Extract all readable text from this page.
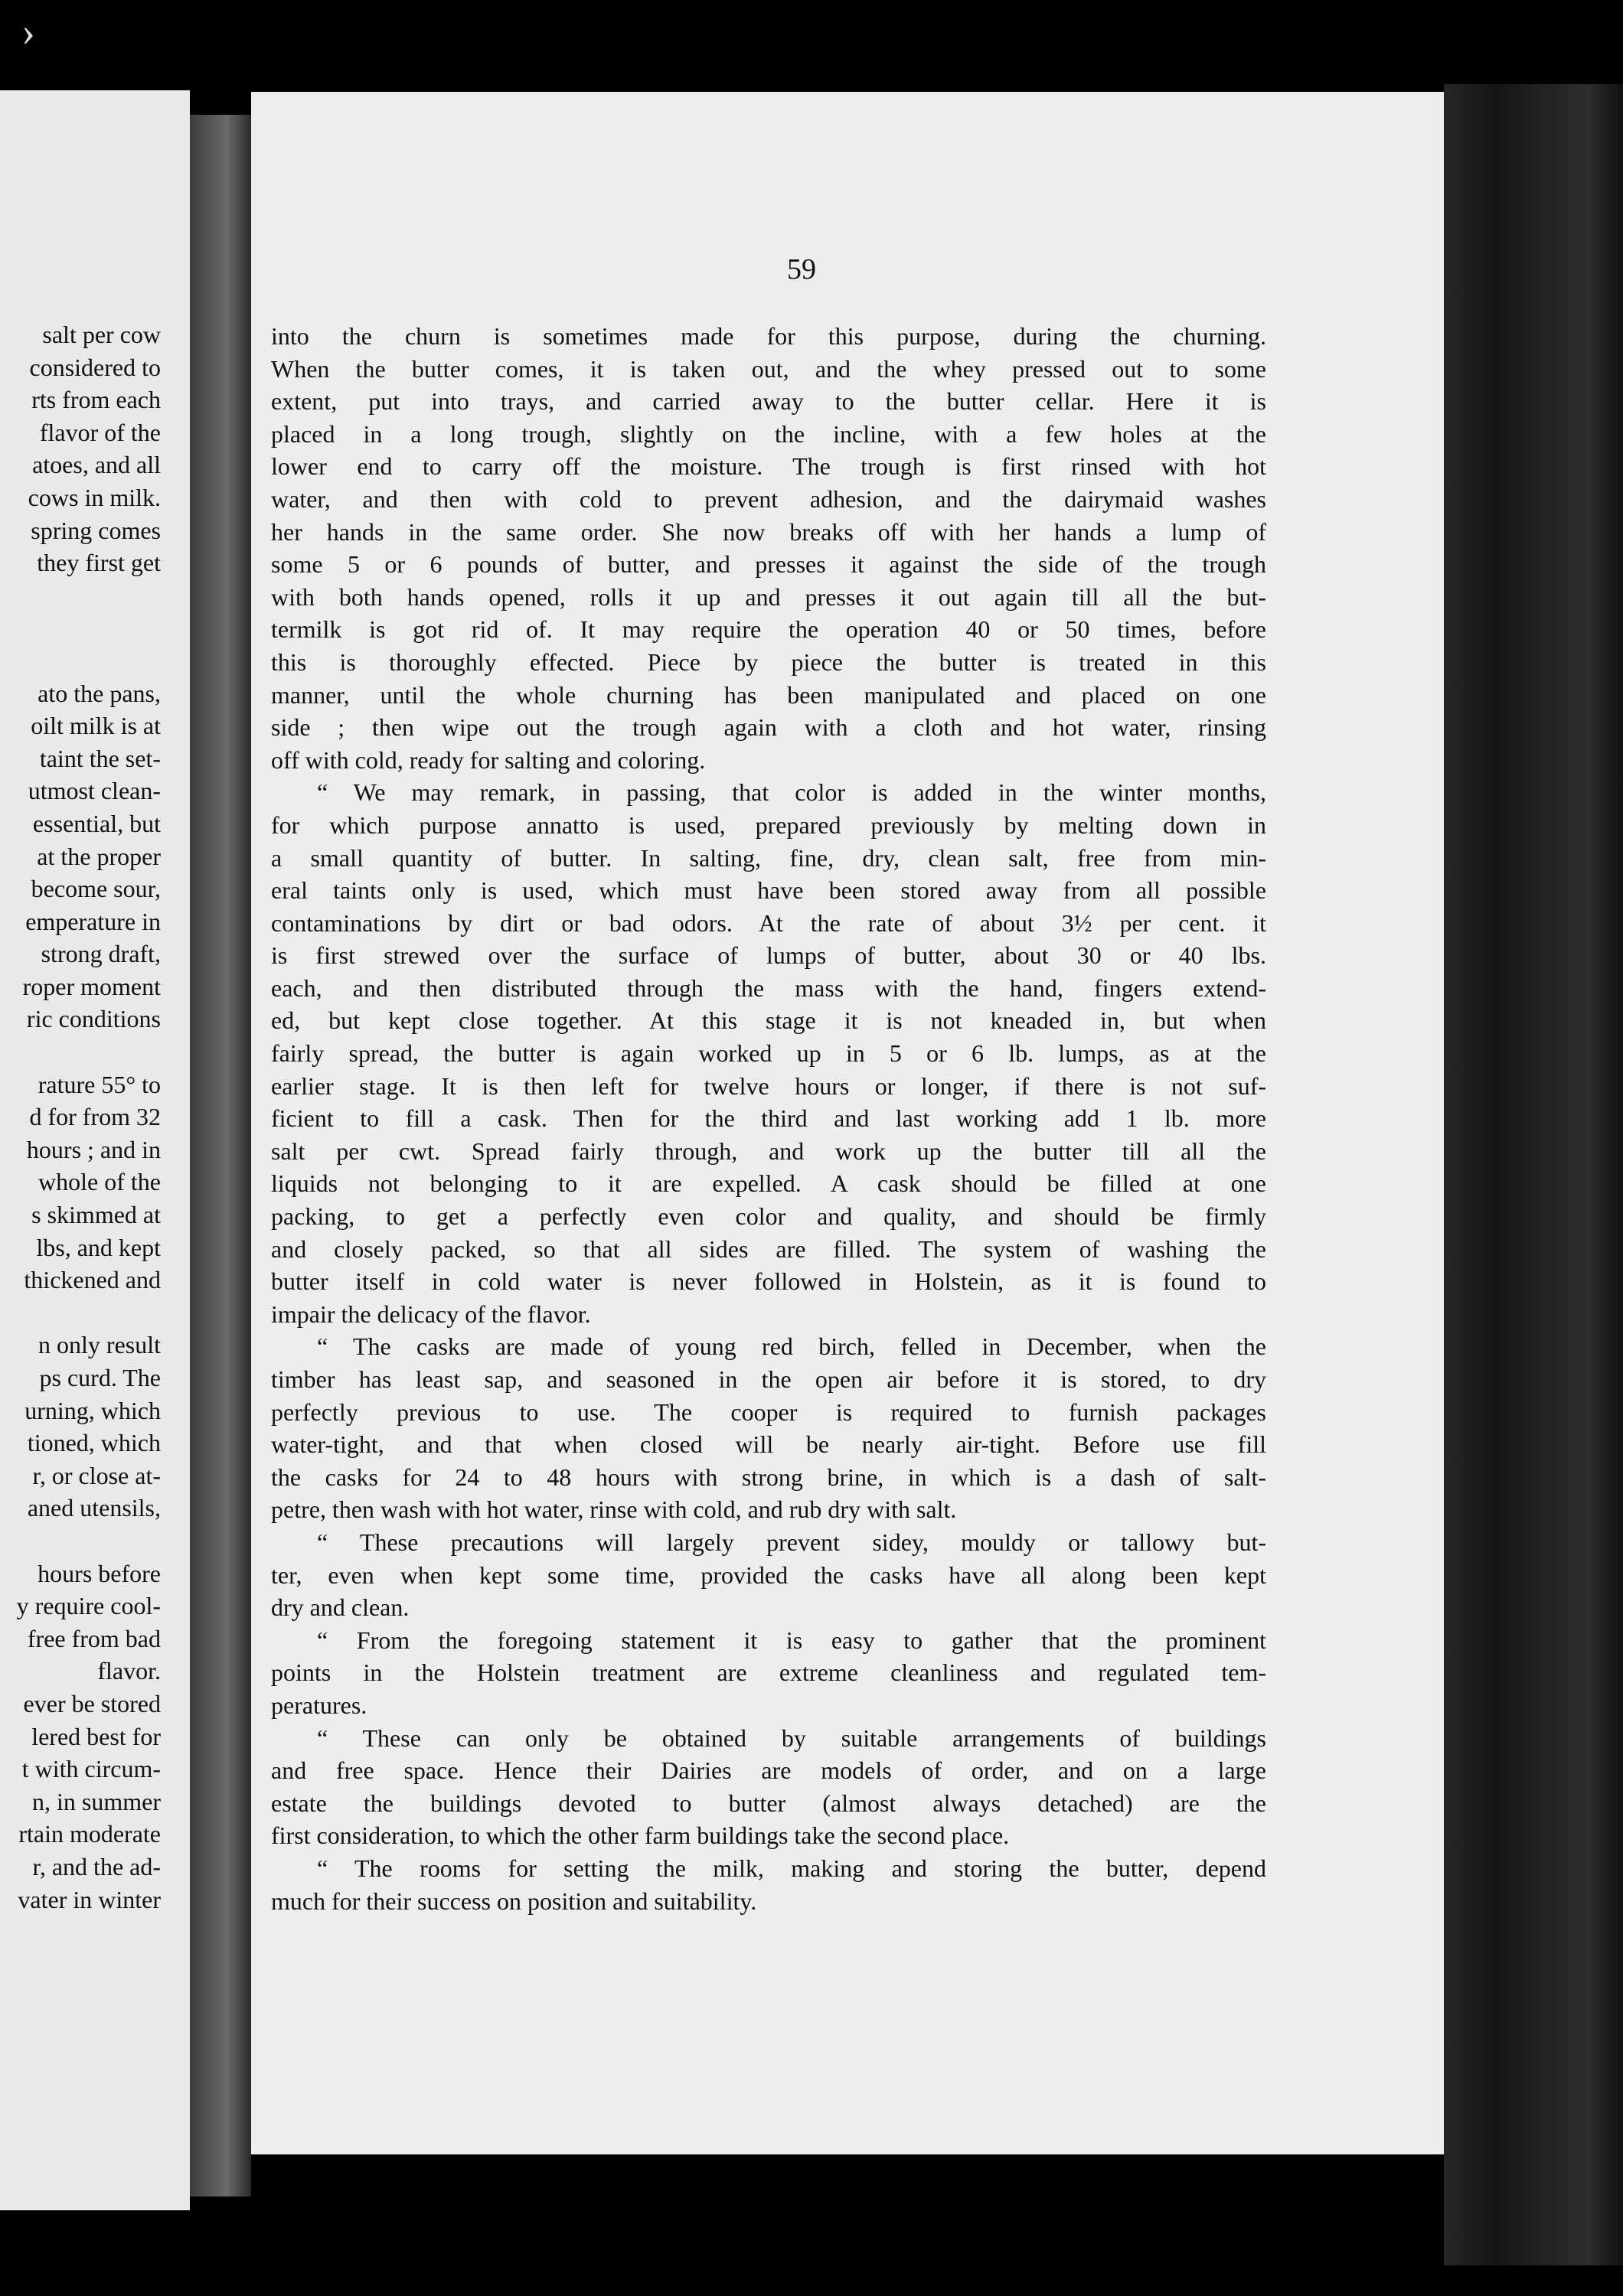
›
salt per cow
considered to
rts from each
flavor of the
atoes, and all
cows in milk.
spring comes
they first get

ato the pans,
oilt milk is at
taint the set-
utmost clean-
essential, but
at the proper
become sour,
emperature in
strong draft,
roper moment
ric conditions

rature 55° to
d for from 32
hours ; and in
whole of the
s skimmed at
lbs, and kept
thickened and

n only result
ps curd. The
urning, which
tioned, which
r, or close at-
aned utensils,

hours before
y require cool-
free from bad
flavor.
ever be stored
lered best for
t with circum-
n, in summer
rtain moderate
r, and the ad-
vater in winter
59
into the churn is sometimes made for this purpose, during the churning.
When the butter comes, it is taken out, and the whey pressed out to some
extent, put into trays, and carried away to the butter cellar. Here it is
placed in a long trough, slightly on the incline, with a few holes at the
lower end to carry off the moisture. The trough is first rinsed with hot
water, and then with cold to prevent adhesion, and the dairymaid washes
her hands in the same order. She now breaks off with her hands a lump of
some 5 or 6 pounds of butter, and presses it against the side of the trough
with both hands opened, rolls it up and presses it out again till all the but-
termilk is got rid of. It may require the operation 40 or 50 times, before
this is thoroughly effected. Piece by piece the butter is treated in this
manner, until the whole churning has been manipulated and placed on one
side ; then wipe out the trough again with a cloth and hot water, rinsing
off with cold, ready for salting and coloring.
“ We may remark, in passing, that color is added in the winter months,
for which purpose annatto is used, prepared previously by melting down in
a small quantity of butter. In salting, fine, dry, clean salt, free from min-
eral taints only is used, which must have been stored away from all possible
contaminations by dirt or bad odors. At the rate of about 3½ per cent. it
is first strewed over the surface of lumps of butter, about 30 or 40 lbs.
each, and then distributed through the mass with the hand, fingers extend-
ed, but kept close together. At this stage it is not kneaded in, but when
fairly spread, the butter is again worked up in 5 or 6 lb. lumps, as at the
earlier stage. It is then left for twelve hours or longer, if there is not suf-
ficient to fill a cask. Then for the third and last working add 1 lb. more
salt per cwt. Spread fairly through, and work up the butter till all the
liquids not belonging to it are expelled. A cask should be filled at one
packing, to get a perfectly even color and quality, and should be firmly
and closely packed, so that all sides are filled. The system of washing the
butter itself in cold water is never followed in Holstein, as it is found to
impair the delicacy of the flavor.
“ The casks are made of young red birch, felled in December, when the
timber has least sap, and seasoned in the open air before it is stored, to dry
perfectly previous to use. The cooper is required to furnish packages
water-tight, and that when closed will be nearly air-tight. Before use fill
the casks for 24 to 48 hours with strong brine, in which is a dash of salt-
petre, then wash with hot water, rinse with cold, and rub dry with salt.
“ These precautions will largely prevent sidey, mouldy or tallowy but-
ter, even when kept some time, provided the casks have all along been kept
dry and clean.
“ From the foregoing statement it is easy to gather that the prominent
points in the Holstein treatment are extreme cleanliness and regulated tem-
peratures.
“ These can only be obtained by suitable arrangements of buildings
and free space. Hence their Dairies are models of order, and on a large
estate the buildings devoted to butter (almost always detached) are the
first consideration, to which the other farm buildings take the second place.
“ The rooms for setting the milk, making and storing the butter, depend
much for their success on position and suitability.
